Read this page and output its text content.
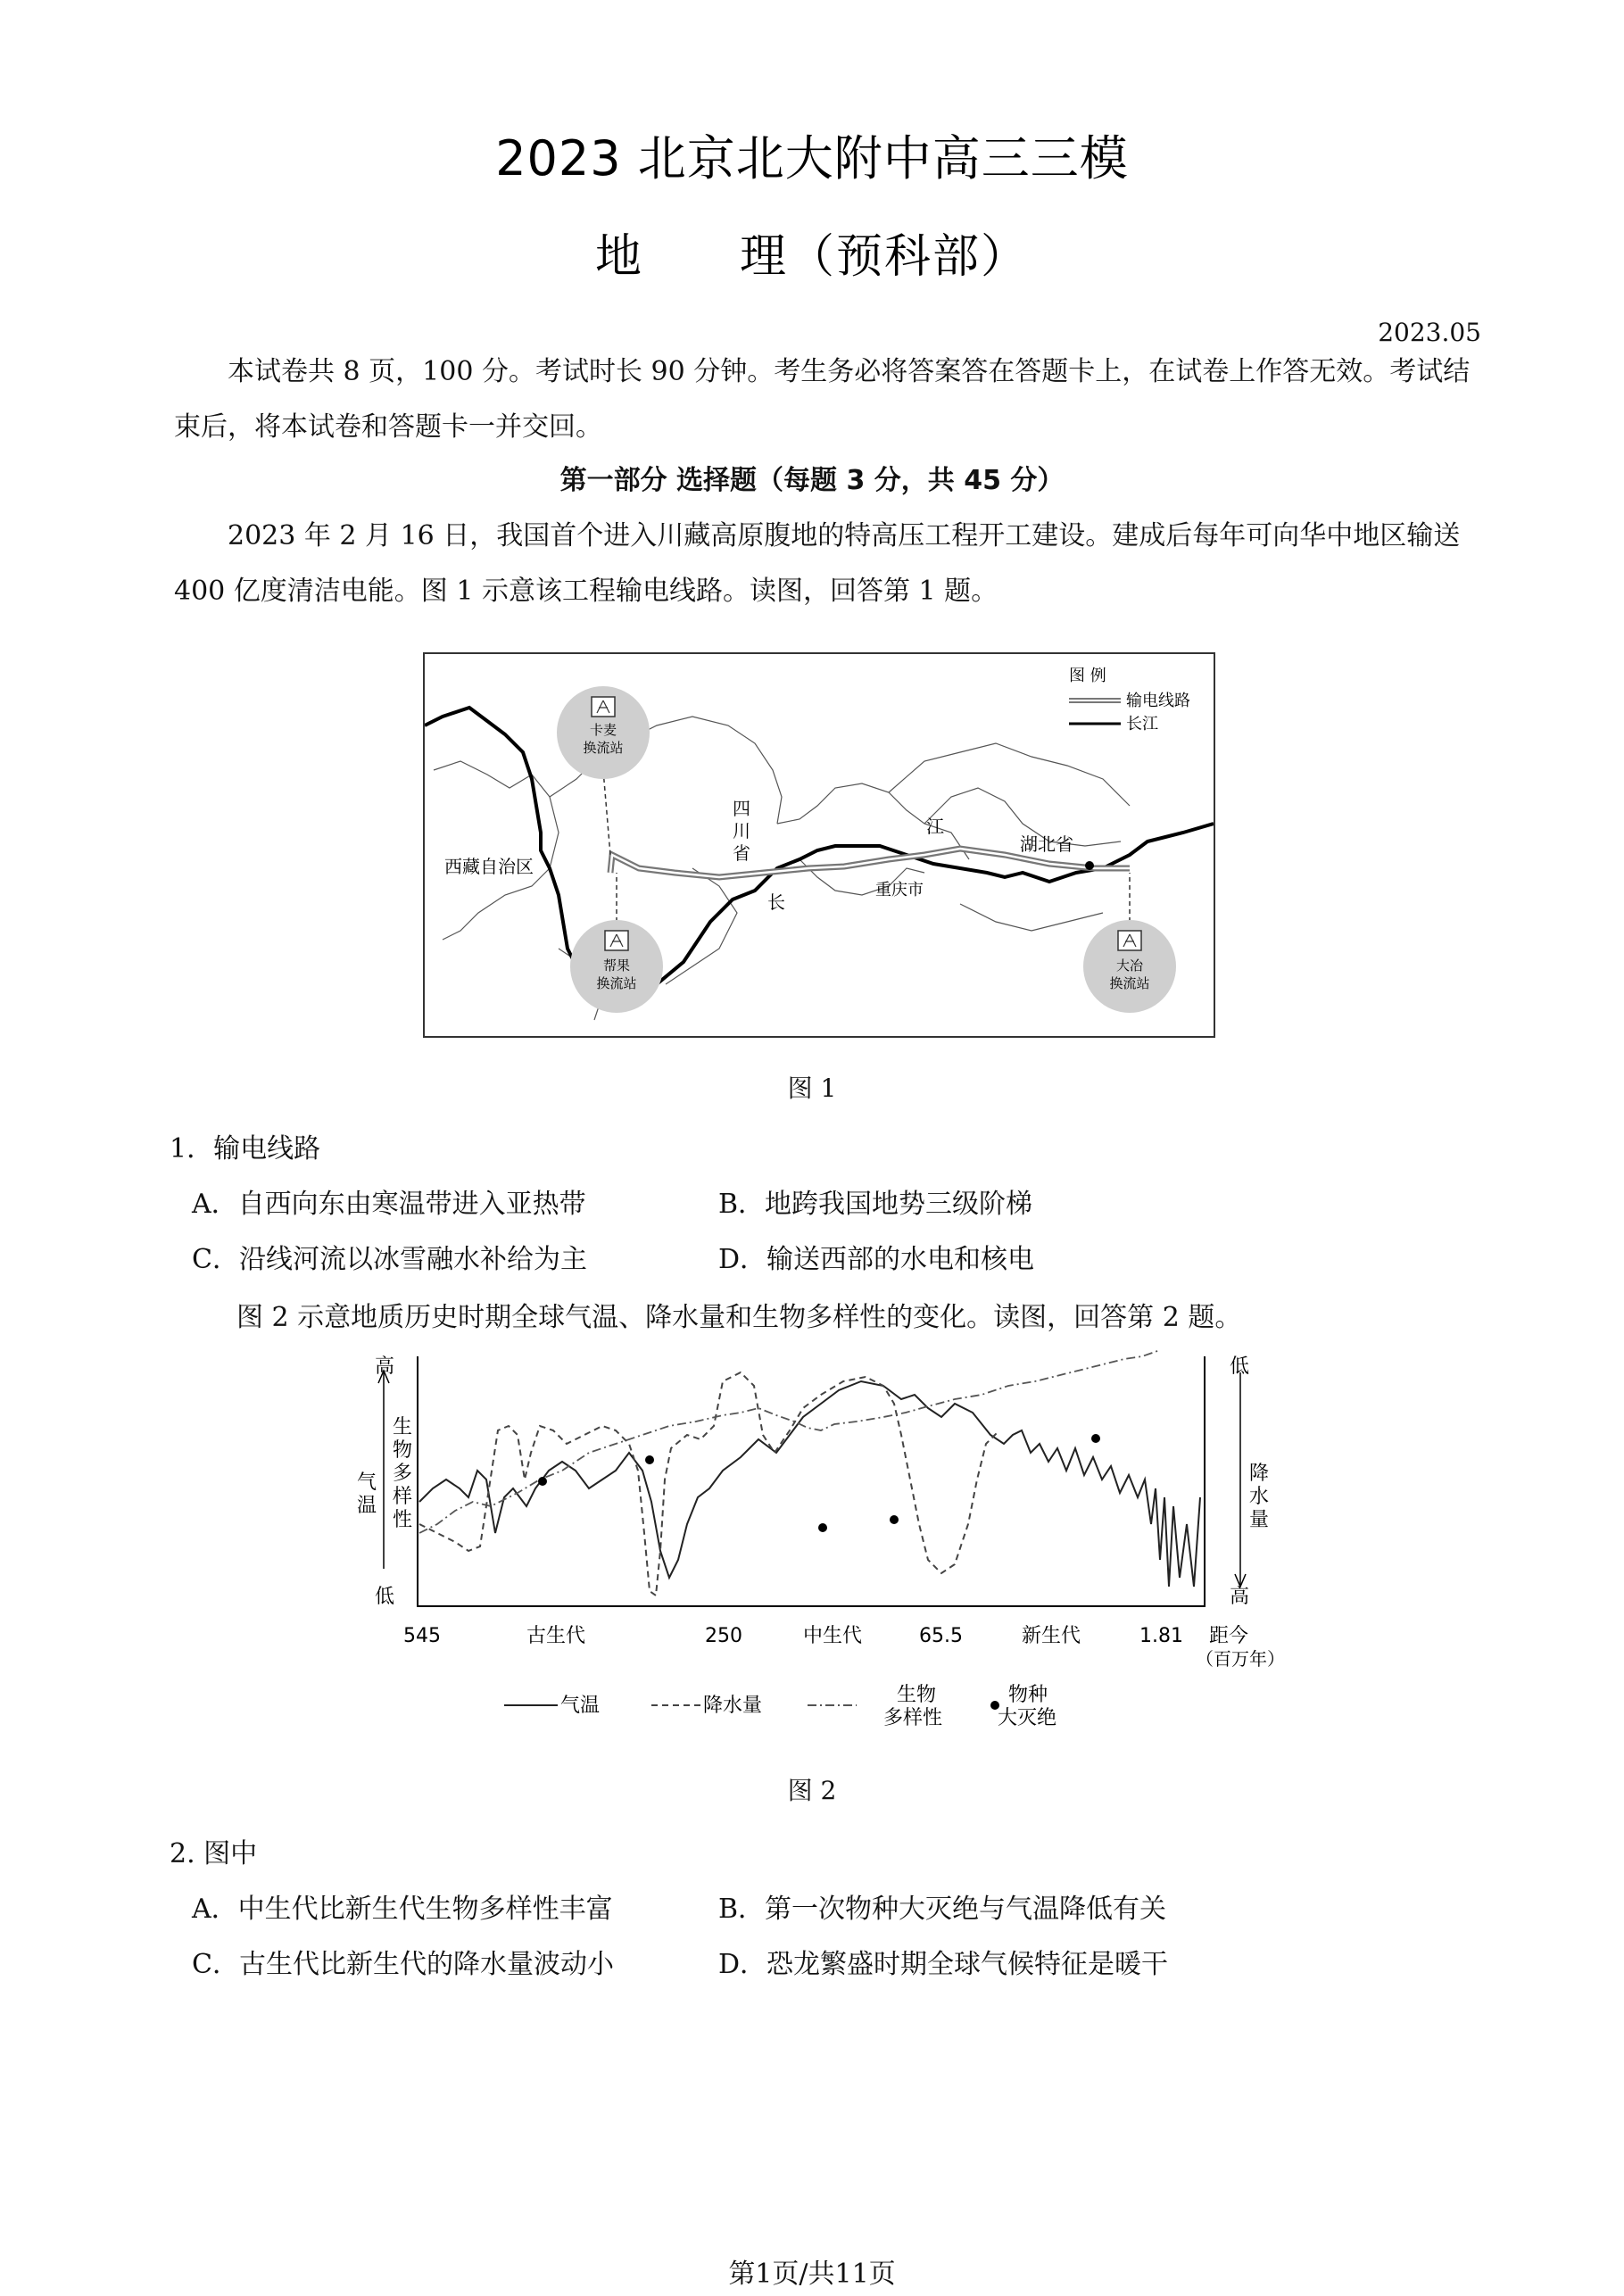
2023 北京北大附中高三三模
地　　理（预科部）
2023.05
本试卷共 8 页，100 分。考试时长 90 分钟。考生务必将答案答在答题卡上，在试卷上作答无效。考试结束后，将本试卷和答题卡一并交回。
第一部分 选择题（每题 3 分，共 45 分）
2023 年 2 月 16 日，我国首个进入川藏高原腹地的特高压工程开工建设。建成后每年可向华中地区输送 400 亿度清洁电能。图 1 示意该工程输电线路。读图，回答第 1 题。
卡麦
换流站
帮果
换流站
大冶
换流站
西藏自治区
四
川
省	湖北省
重庆市
长
江
图 例
输电线路
长江
图 1
1．输电线路
A．自西向东由寒温带进入亚热带	B．地跨我国地势三级阶梯
C．沿线河流以冰雪融水补给为主	D．输送西部的水电和核电
图 2 示意地质历史时期全球气温、降水量和生物多样性的变化。读图，回答第 2 题。
高
低
气
温
生
物
多
样
性
低
高
降
水
量
545	古生代	250	中生代	65.5	新生代	1.81 距今
（百万年）
气温	降水量	生物
多样性
物种
大灭绝
图 2
2. 图中
A．中生代比新生代生物多样性丰富	B．第一次物种大灭绝与气温降低有关
C．古生代比新生代的降水量波动小	D．恐龙繁盛时期全球气候特征是暖干
第1页/共11页
